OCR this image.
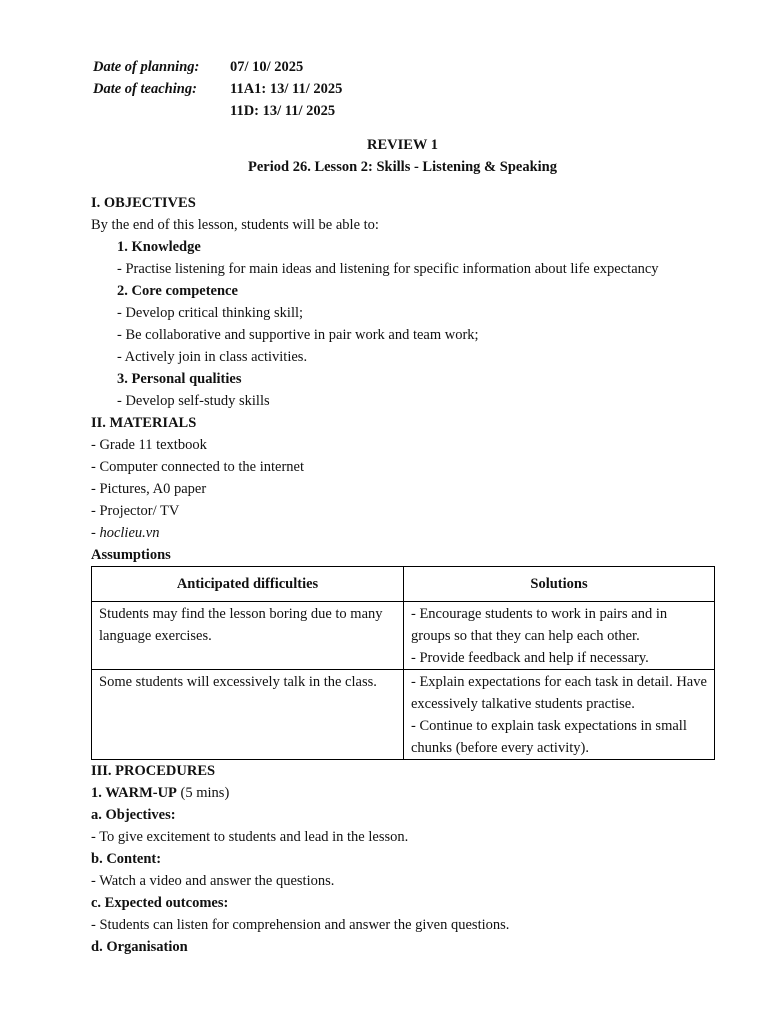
Date of planning: 07/ 10/ 2025
Date of teaching: 11A1: 13/ 11/ 2025
11D: 13/ 11/ 2025
REVIEW 1
Period 26. Lesson 2: Skills - Listening & Speaking
I. OBJECTIVES
By the end of this lesson, students will be able to:
1. Knowledge
- Practise listening for main ideas and listening for specific information about life expectancy
2. Core competence
- Develop critical thinking skill;
- Be collaborative and supportive in pair work and team work;
- Actively join in class activities.
3. Personal qualities
- Develop self-study skills
II. MATERIALS
- Grade 11 textbook
- Computer connected to the internet
- Pictures, A0 paper
- Projector/ TV
- hoclieu.vn
Assumptions
Anticipated difficulties	Solutions
Students may find the lesson boring due to many language exercises.	- Encourage students to work in pairs and in groups so that they can help each other.
- Provide feedback and help if necessary.

Some students will excessively talk in the class.	- Explain expectations for each task in detail. Have excessively talkative students practise.
- Continue to explain task expectations in small chunks (before every activity).
III. PROCEDURES
1. WARM-UP (5 mins)
a. Objectives:
- To give excitement to students and lead in the lesson.
b. Content:
- Watch a video and answer the questions.
c. Expected outcomes:
- Students can listen for comprehension and answer the given questions.
d. Organisation
